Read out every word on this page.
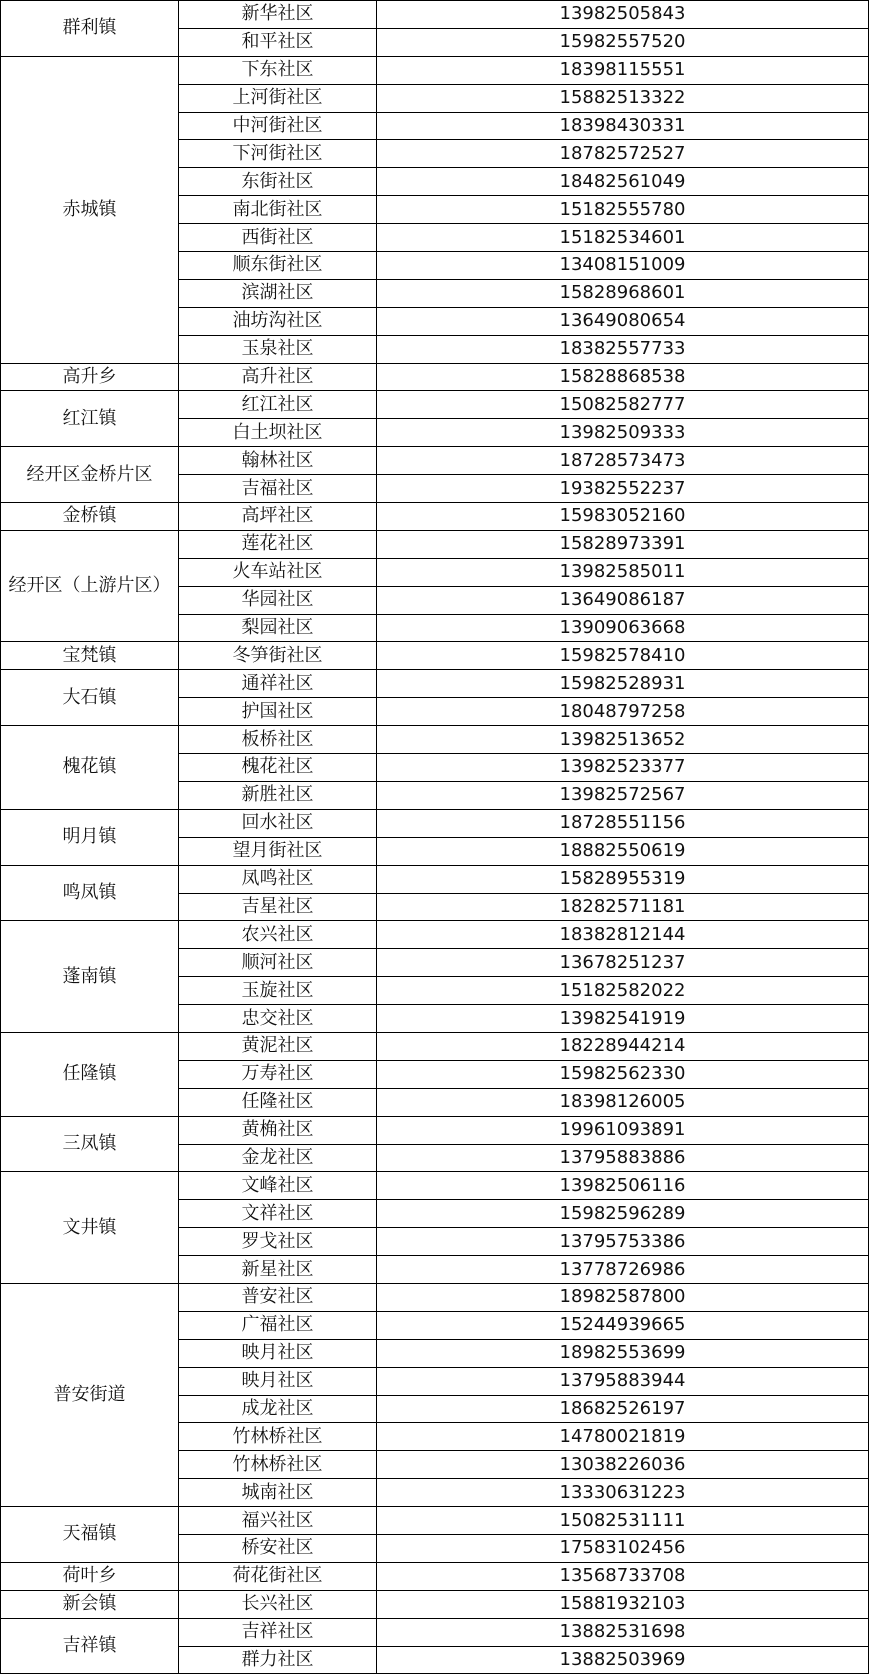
群利镇	新华社区	13982505843
	和平社区	15982557520
赤城镇	下东社区	18398115551
	上河街社区	15882513322
	中河街社区	18398430331
	下河街社区	18782572527
	东街社区	18482561049
	南北街社区	15182555780
	西街社区	15182534601
	顺东街社区	13408151009
	滨湖社区	15828968601
	油坊沟社区	13649080654
	玉泉社区	18382557733
高升乡	高升社区	15828868538
红江镇	红江社区	15082582777
	白土坝社区	13982509333
经开区金桥片区	翰林社区	18728573473
	吉福社区	19382552237
金桥镇	高坪社区	15983052160
经开区（上游片区）	莲花社区	15828973391
	火车站社区	13982585011
	华园社区	13649086187
	梨园社区	13909063668
宝梵镇	冬笋街社区	15982578410
大石镇	通祥社区	15982528931
	护国社区	18048797258
槐花镇	板桥社区	13982513652
	槐花社区	13982523377
	新胜社区	13982572567
明月镇	回水社区	18728551156
	望月街社区	18882550619
鸣凤镇	凤鸣社区	15828955319
	吉星社区	18282571181
蓬南镇	农兴社区	18382812144
	顺河社区	13678251237
	玉旋社区	15182582022
	忠交社区	13982541919
任隆镇	黄泥社区	18228944214
	万寿社区	15982562330
	任隆社区	18398126005
三凤镇	黄桷社区	19961093891
	金龙社区	13795883886
文井镇	文峰社区	13982506116
	文祥社区	15982596289
	罗戈社区	13795753386
	新星社区	13778726986
普安街道	普安社区	18982587800
	广福社区	15244939665
	映月社区	18982553699
	映月社区	13795883944
	成龙社区	18682526197
	竹林桥社区	14780021819
	竹林桥社区	13038226036
	城南社区	13330631223
天福镇	福兴社区	15082531111
	桥安社区	17583102456
荷叶乡	荷花街社区	13568733708
新会镇	长兴社区	15881932103
吉祥镇	吉祥社区	13882531698
	群力社区	13882503969
